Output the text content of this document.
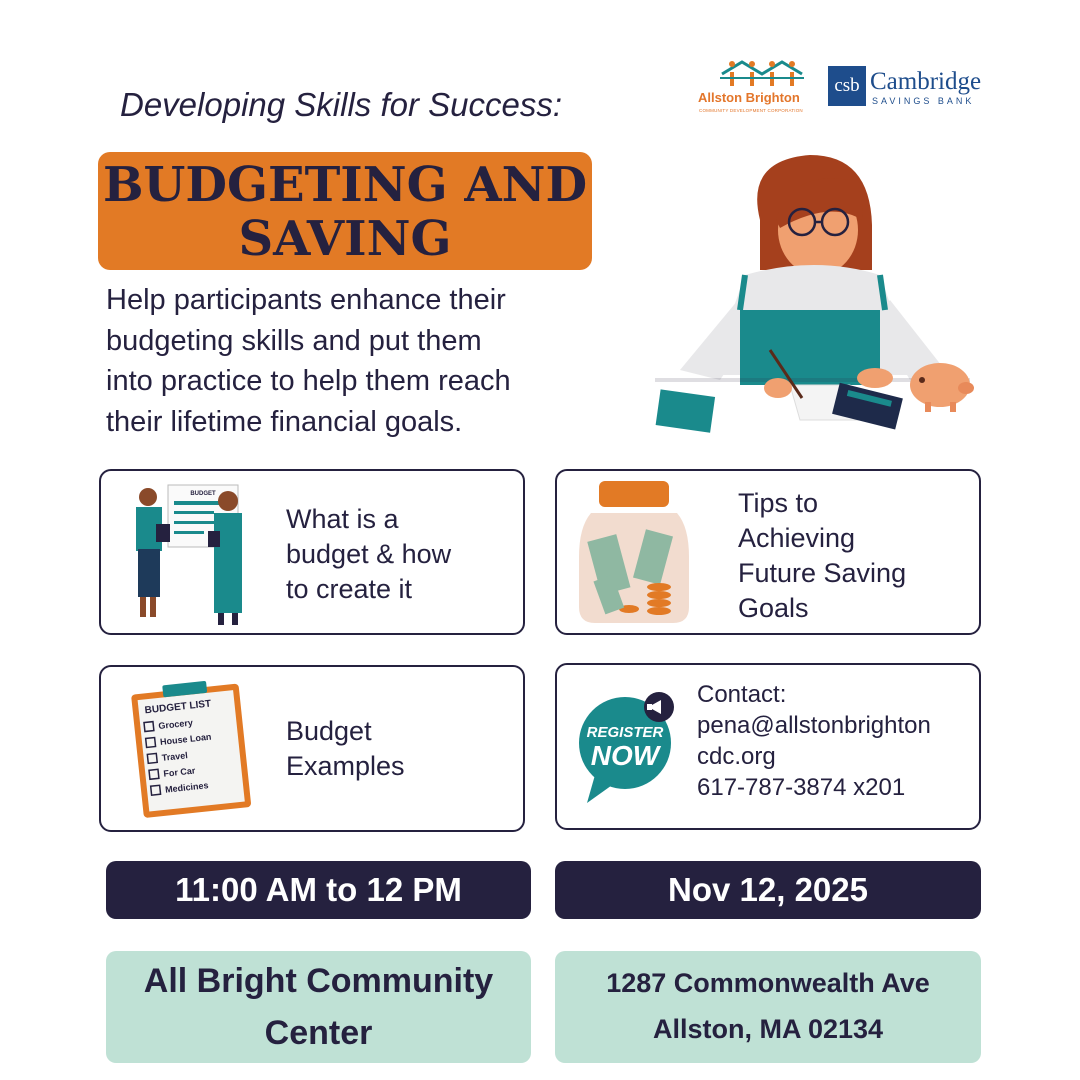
Developing Skills for Success:	Allston Brighton
COMMUNITY DEVELOPMENT CORPORATION
csb Cambridge
SAVINGS BANK
BUDGETING AND
SAVING
Help participants enhance their
budgeting skills and put them
into practice to help them reach
their lifetime financial goals.
BUDGET
What is a
budget & how
to create it
Tips to
Achieving
Future Saving
Goals
BUDGET LIST
Grocery
House Loan
Travel
For Car
Medicines
Budget
Examples
REGISTER
NOW
Contact:
pena@allstonbrighton
cdc.org
617-787-3874 x201
11:00 AM to 12 PM	Nov 12, 2025
All Bright Community
Center
1287 Commonwealth Ave
Allston, MA 02134
